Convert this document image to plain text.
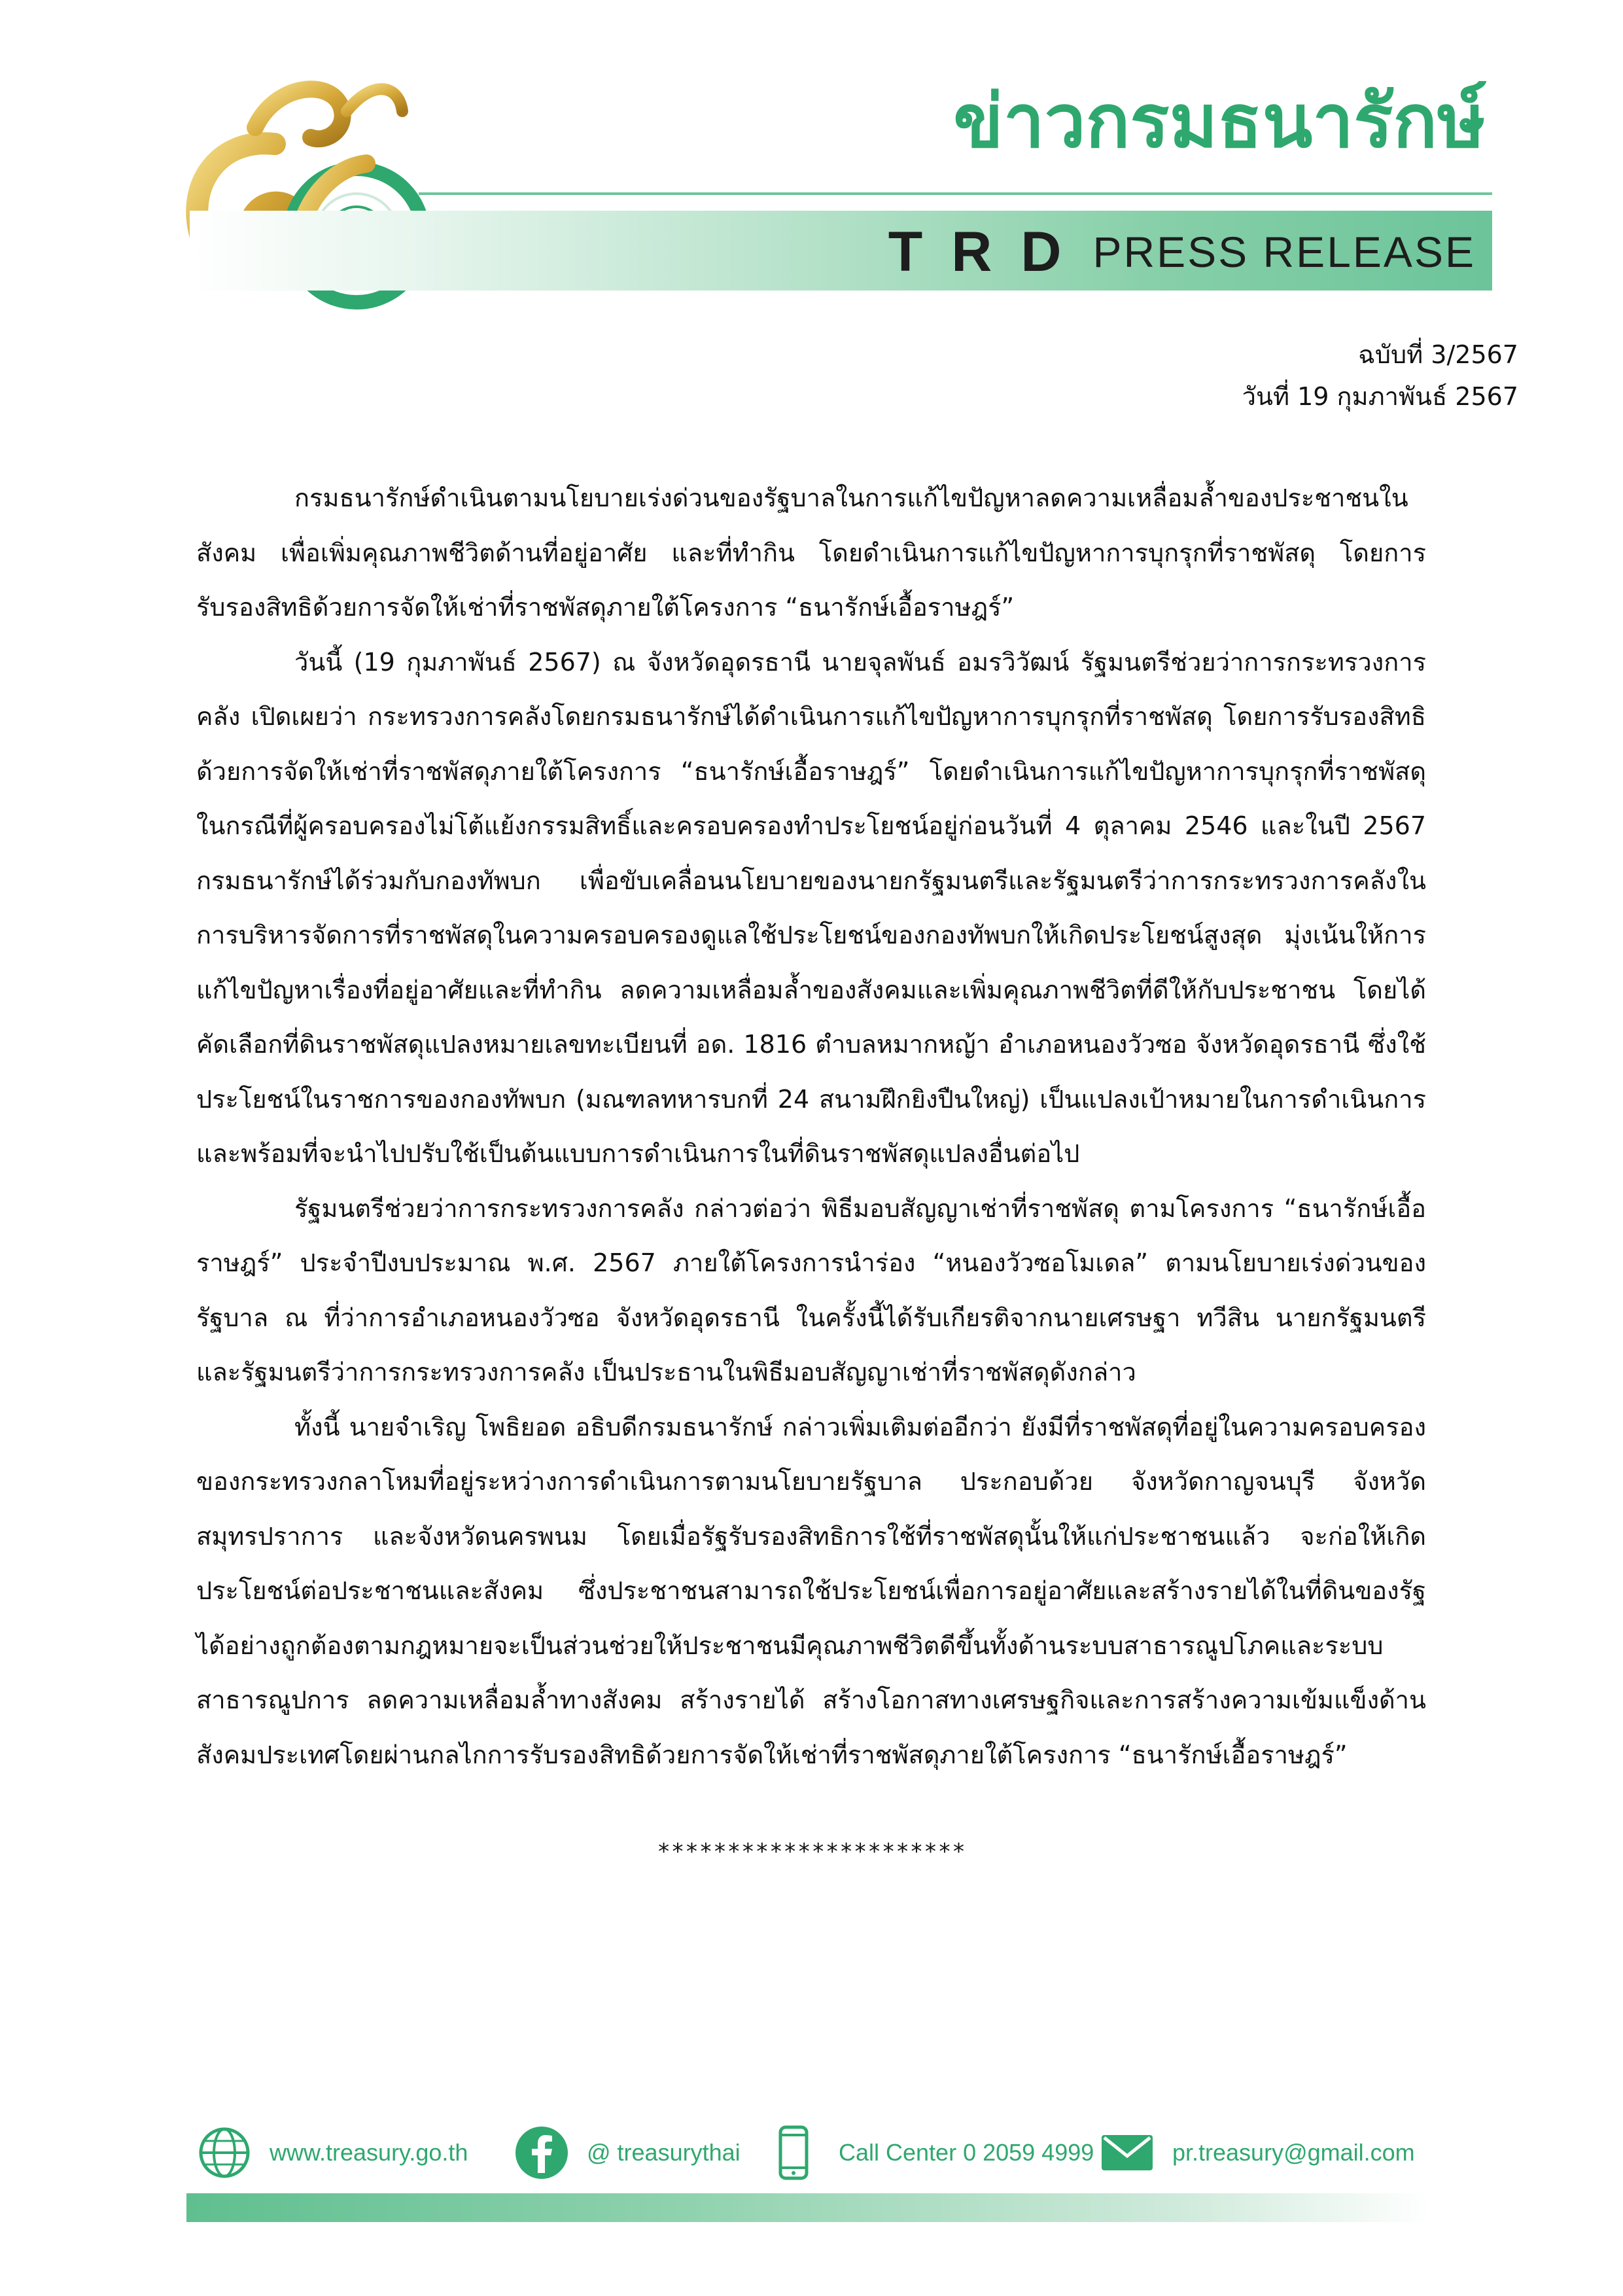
ข่าวกรมธนารักษ์
TRD PRESS RELEASE
ฉบับที่ 3/2567
วันที่ 19 กุมภาพันธ์ 2567

กรมธนารักษ์ดำเนินตามนโยบายเร่งด่วนของรัฐบาลในการแก้ไขปัญหาลดความเหลื่อมล้ำของประชาชนในสังคม เพื่อเพิ่มคุณภาพชีวิตด้านที่อยู่อาศัย และที่ทำกิน โดยดำเนินการแก้ไขปัญหาการบุกรุกที่ราชพัสดุ โดยการรับรองสิทธิด้วยการจัดให้เช่าที่ราชพัสดุภายใต้โครงการ “ธนารักษ์เอื้อราษฎร์”

วันนี้ (19 กุมภาพันธ์ 2567) ณ จังหวัดอุดรธานี นายจุลพันธ์ อมรวิวัฒน์ รัฐมนตรีช่วยว่าการกระทรวงการคลัง เปิดเผยว่า กระทรวงการคลังโดยกรมธนารักษ์ได้ดำเนินการแก้ไขปัญหาการบุกรุกที่ราชพัสดุ โดยการรับรองสิทธิด้วยการจัดให้เช่าที่ราชพัสดุภายใต้โครงการ “ธนารักษ์เอื้อราษฎร์” โดยดำเนินการแก้ไขปัญหาการบุกรุกที่ราชพัสดุในกรณีที่ผู้ครอบครองไม่โต้แย้งกรรมสิทธิ์และครอบครองทำประโยชน์อยู่ก่อนวันที่ 4 ตุลาคม 2546 และในปี 2567 กรมธนารักษ์ได้ร่วมกับกองทัพบก เพื่อขับเคลื่อนนโยบายของนายกรัฐมนตรีและรัฐมนตรีว่าการกระทรวงการคลังในการบริหารจัดการที่ราชพัสดุในความครอบครองดูแลใช้ประโยชน์ของกองทัพบกให้เกิดประโยชน์สูงสุด มุ่งเน้นให้การแก้ไขปัญหาเรื่องที่อยู่อาศัยและที่ทำกิน ลดความเหลื่อมล้ำของสังคมและเพิ่มคุณภาพชีวิตที่ดีให้กับประชาชน โดยได้คัดเลือกที่ดินราชพัสดุแปลงหมายเลขทะเบียนที่ อด. 1816 ตำบลหมากหญ้า อำเภอหนองวัวซอ จังหวัดอุดรธานี ซึ่งใช้ประโยชน์ในราชการของกองทัพบก (มณฑลทหารบกที่ 24 สนามฝึกยิงปืนใหญ่) เป็นแปลงเป้าหมายในการดำเนินการและพร้อมที่จะนำไปปรับใช้เป็นต้นแบบการดำเนินการในที่ดินราชพัสดุแปลงอื่นต่อไป

รัฐมนตรีช่วยว่าการกระทรวงการคลัง กล่าวต่อว่า พิธีมอบสัญญาเช่าที่ราชพัสดุ ตามโครงการ “ธนารักษ์เอื้อราษฎร์” ประจำปีงบประมาณ พ.ศ. 2567 ภายใต้โครงการนำร่อง “หนองวัวซอโมเดล” ตามนโยบายเร่งด่วนของรัฐบาล ณ ที่ว่าการอำเภอหนองวัวซอ จังหวัดอุดรธานี ในครั้งนี้ได้รับเกียรติจากนายเศรษฐา ทวีสิน นายกรัฐมนตรี และรัฐมนตรีว่าการกระทรวงการคลัง เป็นประธานในพิธีมอบสัญญาเช่าที่ราชพัสดุดังกล่าว

ทั้งนี้ นายจำเริญ โพธิยอด อธิบดีกรมธนารักษ์ กล่าวเพิ่มเติมต่ออีกว่า ยังมีที่ราชพัสดุที่อยู่ในความครอบครองของกระทรวงกลาโหมที่อยู่ระหว่างการดำเนินการตามนโยบายรัฐบาล ประกอบด้วย จังหวัดกาญจนบุรี จังหวัดสมุทรปราการ และจังหวัดนครพนม โดยเมื่อรัฐรับรองสิทธิการใช้ที่ราชพัสดุนั้นให้แก่ประชาชนแล้ว จะก่อให้เกิดประโยชน์ต่อประชาชนและสังคม ซึ่งประชาชนสามารถใช้ประโยชน์เพื่อการอยู่อาศัยและสร้างรายได้ในที่ดินของรัฐได้อย่างถูกต้องตามกฎหมายจะเป็นส่วนช่วยให้ประชาชนมีคุณภาพชีวิตดีขึ้นทั้งด้านระบบสาธารณูปโภคและระบบสาธารณูปการ ลดความเหลื่อมล้ำทางสังคม สร้างรายได้ สร้างโอกาสทางเศรษฐกิจและการสร้างความเข้มแข็งด้านสังคมประเทศโดยผ่านกลไกการรับรองสิทธิด้วยการจัดให้เช่าที่ราชพัสดุภายใต้โครงการ “ธนารักษ์เอื้อราษฎร์”

**********************
www.treasury.go.th	@ treasurythai	Call Center 0 2059 4999	pr.treasury@gmail.com
